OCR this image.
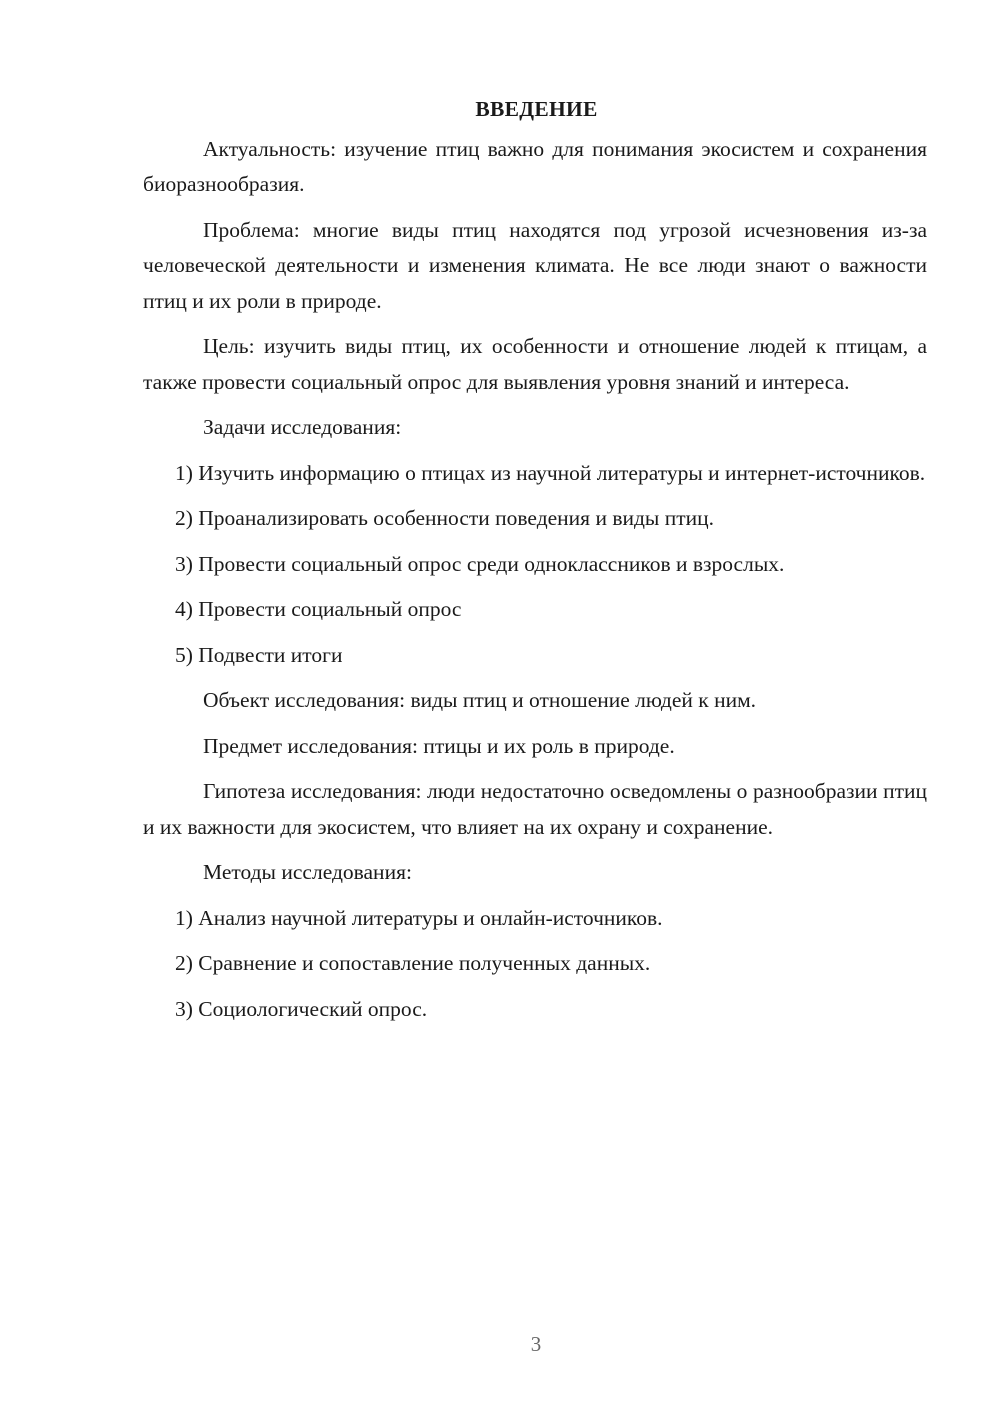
ВВЕДЕНИЕ

Актуальность: изучение птиц важно для понимания экосистем и сохранения биоразнообразия.

Проблема: многие виды птиц находятся под угрозой исчезновения из-за человеческой деятельности и изменения климата. Не все люди знают о важности птиц и их роли в природе.

Цель: изучить виды птиц, их особенности и отношение людей к птицам, а также провести социальный опрос для выявления уровня знаний и интереса.

Задачи исследования:

1) Изучить информацию о птицах из научной литературы и интернет-источников.

2) Проанализировать особенности поведения и виды птиц.

3) Провести социальный опрос среди одноклассников и взрослых.

4) Провести социальный опрос

5) Подвести итоги

Объект исследования: виды птиц и отношение людей к ним.

Предмет исследования: птицы и их роль в природе.

Гипотеза исследования: люди недостаточно осведомлены о разнообразии птиц и их важности для экосистем, что влияет на их охрану и сохранение.

Методы исследования:

1) Анализ научной литературы и онлайн-источников.

2) Сравнение и сопоставление полученных данных.

3) Социологический опрос.

3
